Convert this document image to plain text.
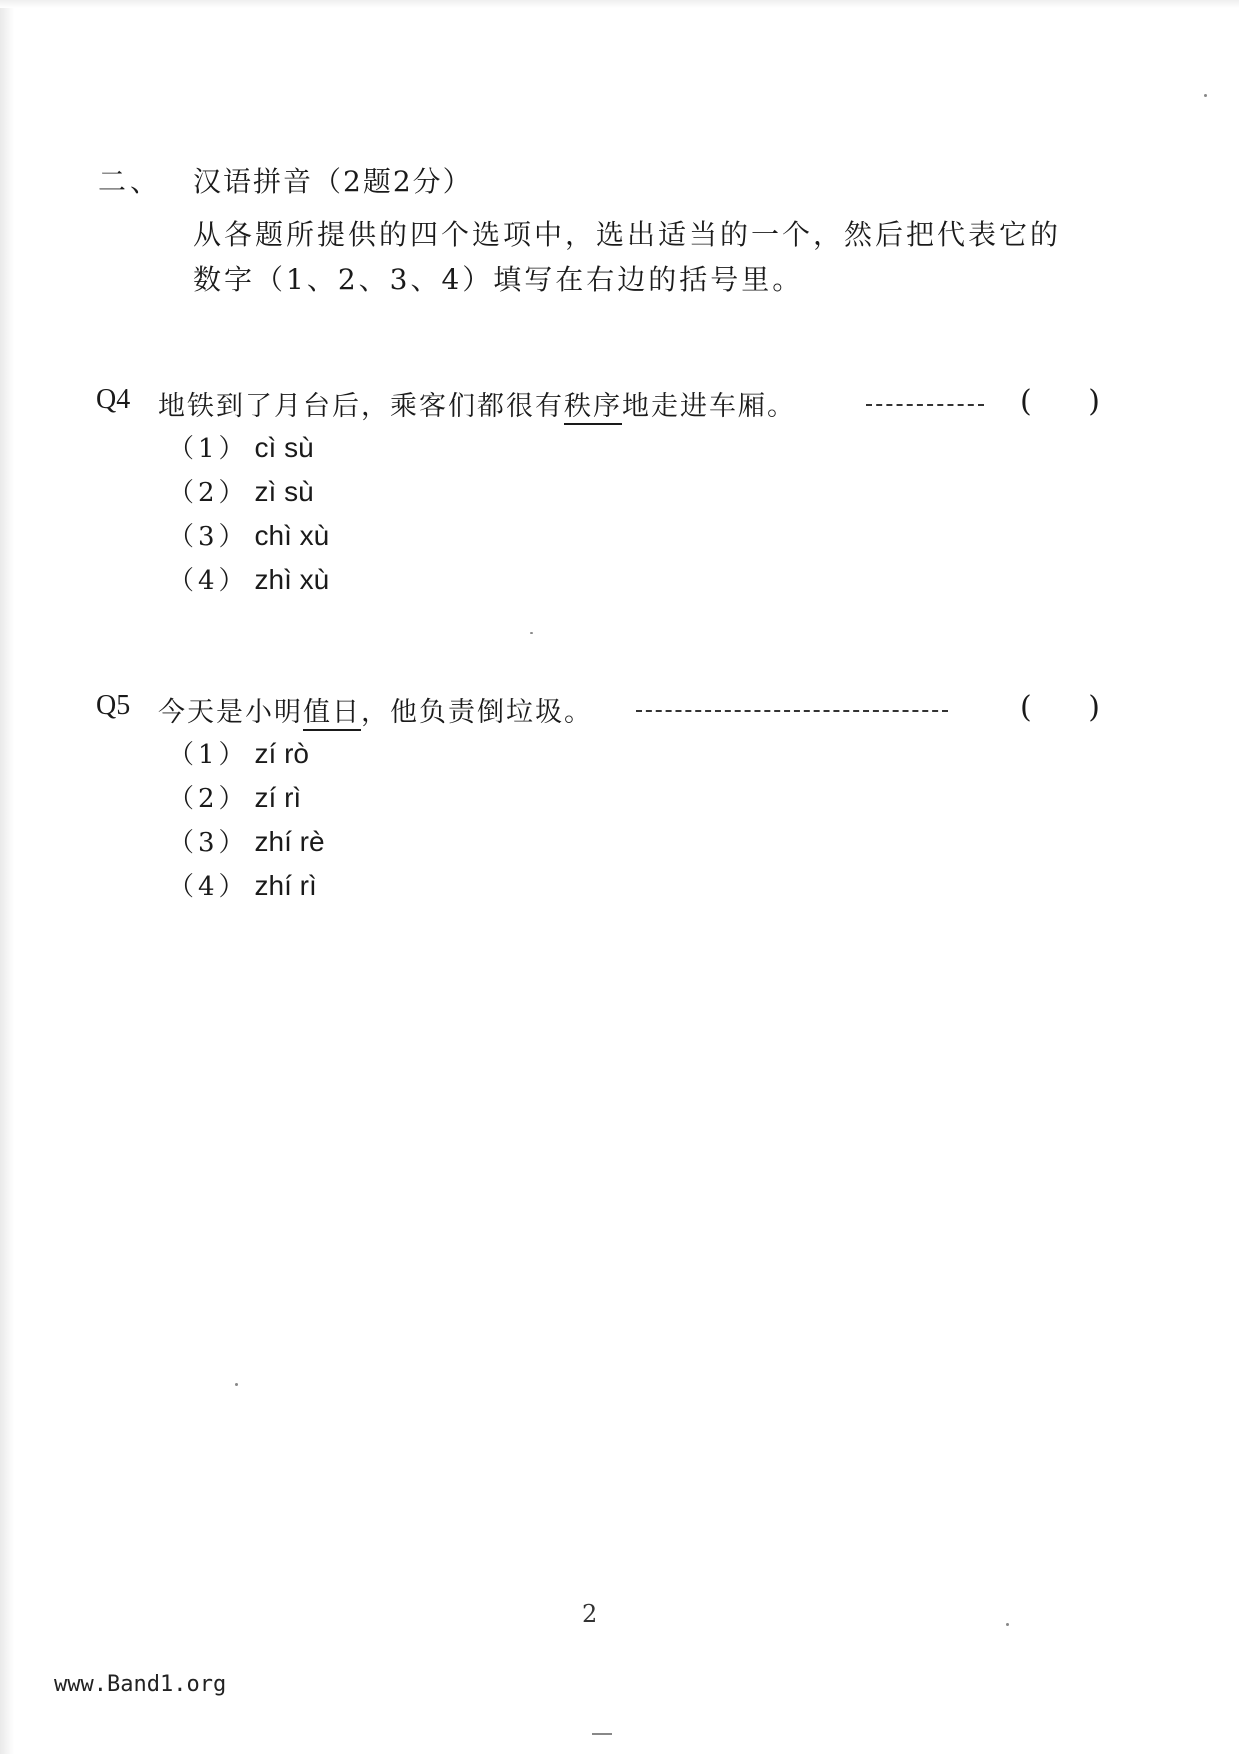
二、 汉语拼音（2题2分）
从各题所提供的四个选项中，选出适当的一个，然后把代表它的
数字（1、2、3、4）填写在右边的括号里。
Q4 地铁到了月台后，乘客们都很有秩序地走进车厢。	( )
（1） cì sù
（2） zì sù
（3） chì xù
（4） zhì xù
Q5 今天是小明值日，他负责倒垃圾。	( )
（1） zí rò
（2） zí rì
（3） zhí rè
（4） zhí rì
2
www.Band1.org
